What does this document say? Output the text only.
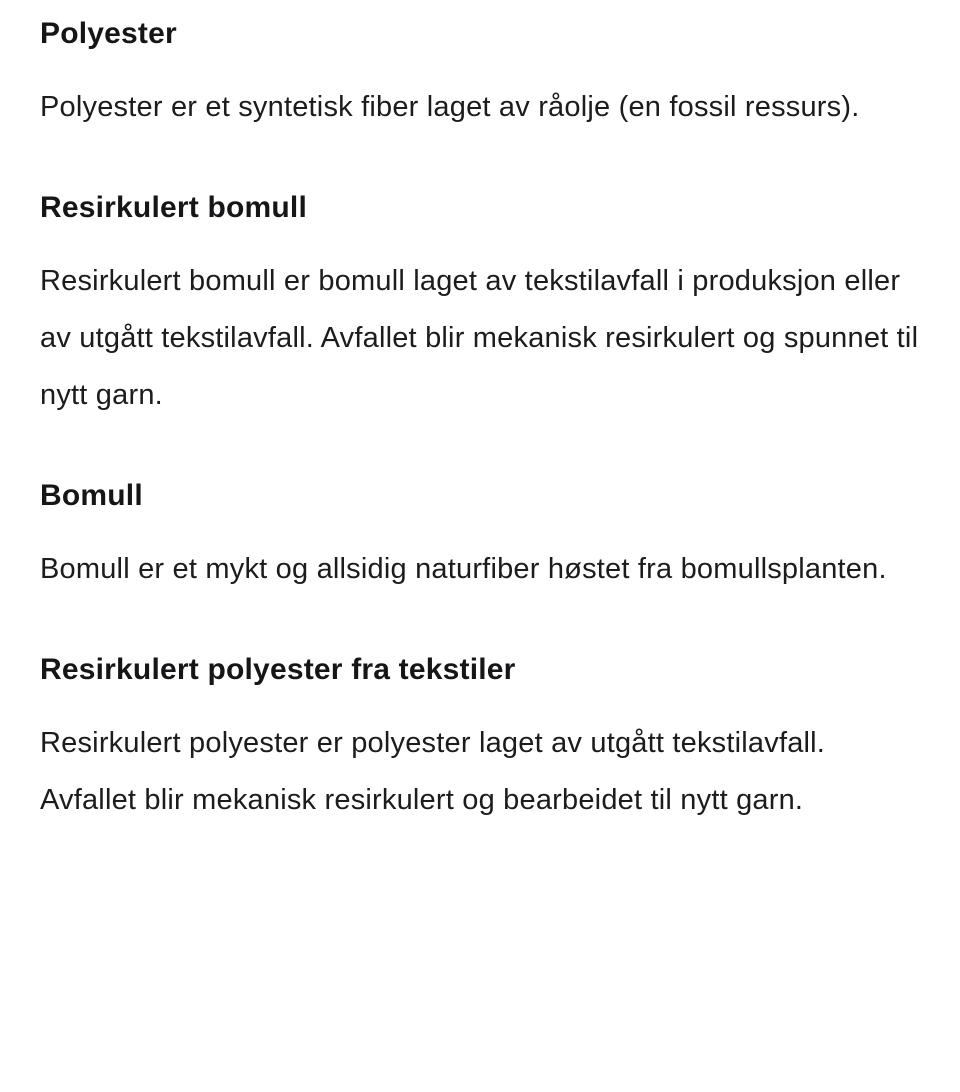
Polyester

Polyester er et syntetisk fiber laget av råolje (en fossil ressurs).

Resirkulert bomull

Resirkulert bomull er bomull laget av tekstilavfall i produksjon eller av utgått tekstilavfall. Avfallet blir mekanisk resirkulert og spunnet til nytt garn.

Bomull

Bomull er et mykt og allsidig naturfiber høstet fra bomullsplanten.

Resirkulert polyester fra tekstiler

Resirkulert polyester er polyester laget av utgått tekstilavfall. Avfallet blir mekanisk resirkulert og bearbeidet til nytt garn.
